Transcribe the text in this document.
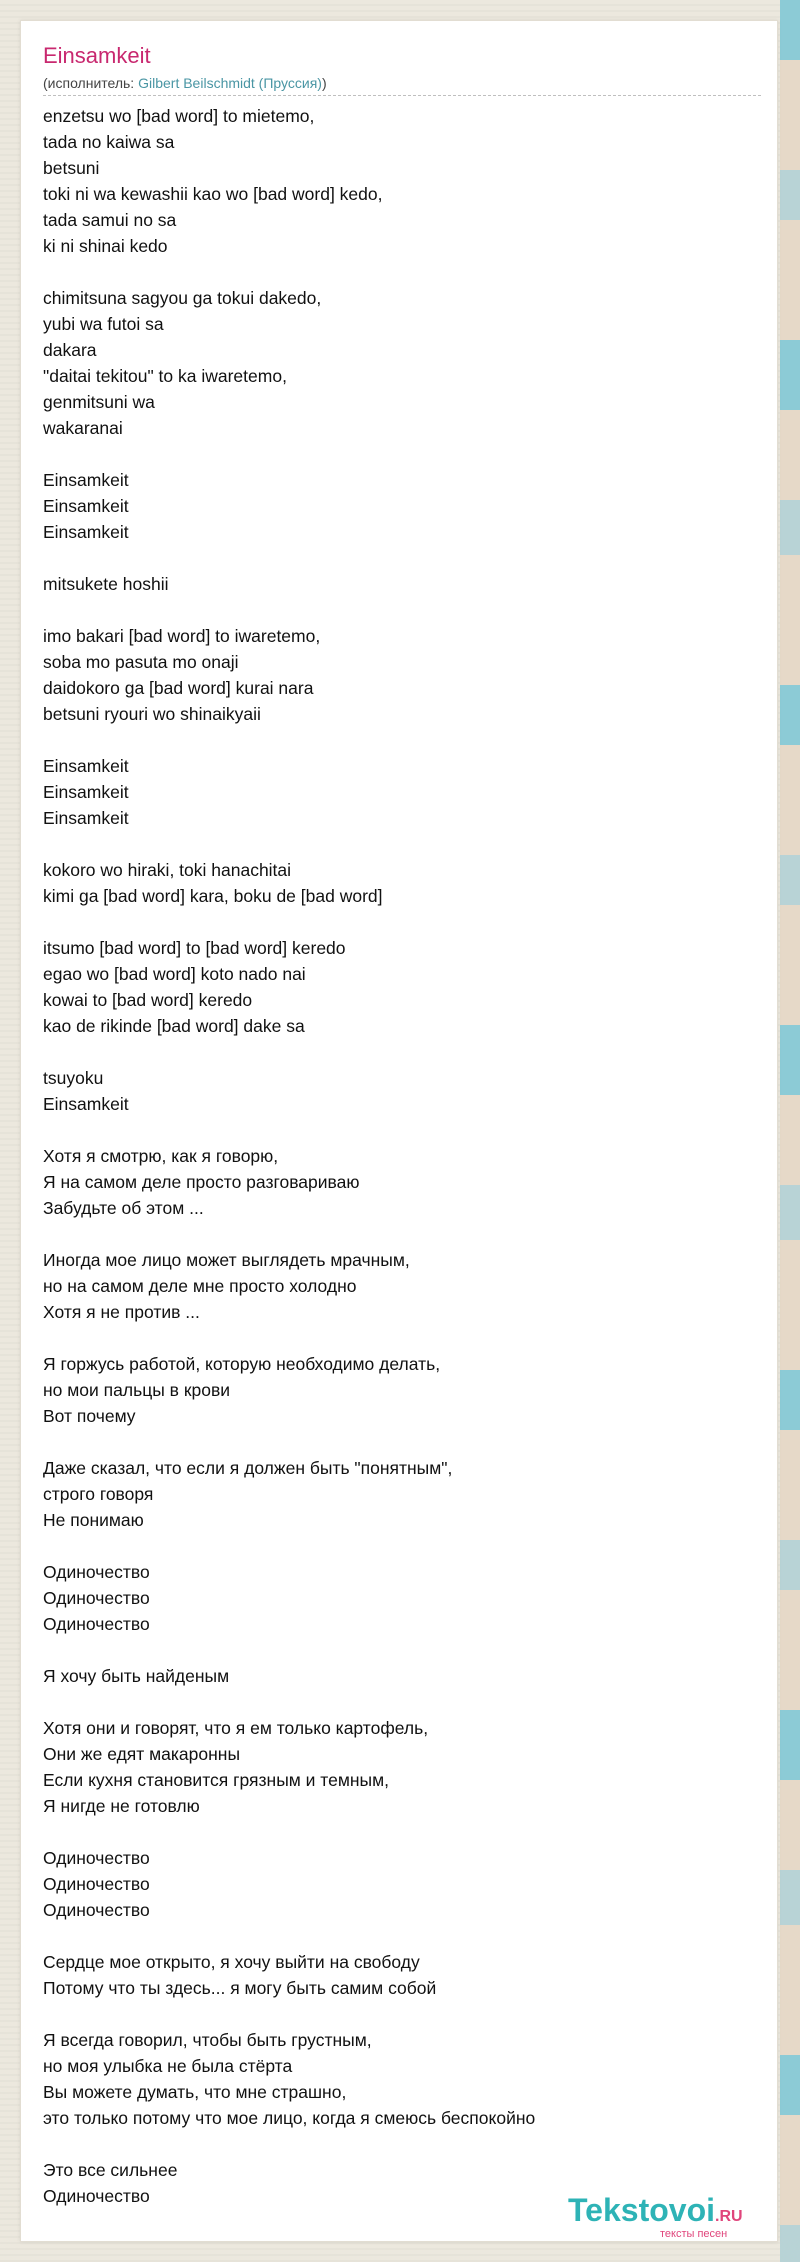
Einsamkeit
(исполнитель: Gilbert Beilschmidt (Пруссия))
enzetsu wo [bad word] to mietemo,
tada no kaiwa sa
betsuni
toki ni wa kewashii kao wo [bad word] kedo,
tada samui no sa
ki ni shinai kedo

chimitsuna sagyou ga tokui dakedo,
yubi wa futoi sa
dakara
"daitai tekitou" to ka iwaretemo,
genmitsuni wa
wakaranai

Einsamkeit
Einsamkeit
Einsamkeit

mitsukete hoshii

imo bakari [bad word] to iwaretemo,
soba mo pasuta mo onaji
daidokoro ga [bad word] kurai nara
betsuni ryouri wo shinaikyaii

Einsamkeit
Einsamkeit
Einsamkeit

kokoro wo hiraki, toki hanachitai
kimi ga [bad word] kara, boku de [bad word]

itsumo [bad word] to [bad word] keredo
egao wo [bad word] koto nado nai
kowai to [bad word] keredo
kao de rikinde [bad word] dake sa

tsuyoku
Einsamkeit

Хотя я смотрю, как я говорю,
Я на самом деле просто разговариваю
Забудьте об этом ...

Иногда мое лицо может выглядеть мрачным,
но на самом деле мне просто холодно
Хотя я не против ...

Я горжусь работой, которую необходимо делать,
но мои пальцы в крови
Вот почему

Даже сказал, что если я должен быть "понятным",
строго говоря
Не понимаю

Одиночество
Одиночество
Одиночество

Я хочу быть найденым

Хотя они и говорят, что я ем только картофель,
Они же едят макаронны
Если кухня становится грязным и темным,
Я нигде не готовлю

Одиночество
Одиночество
Одиночество

Сердце мое открыто, я хочу выйти на свободу
Потому что ты здесь... я могу быть самим собой

Я всегда говорил, чтобы быть грустным,
но моя улыбка не была стёрта
Вы можете думать, что мне страшно,
это только потому что мое лицо, когда я смеюсь беспокойно

Это все сильнее
Одиночество	Tekstovoi.RU
тексты песен
